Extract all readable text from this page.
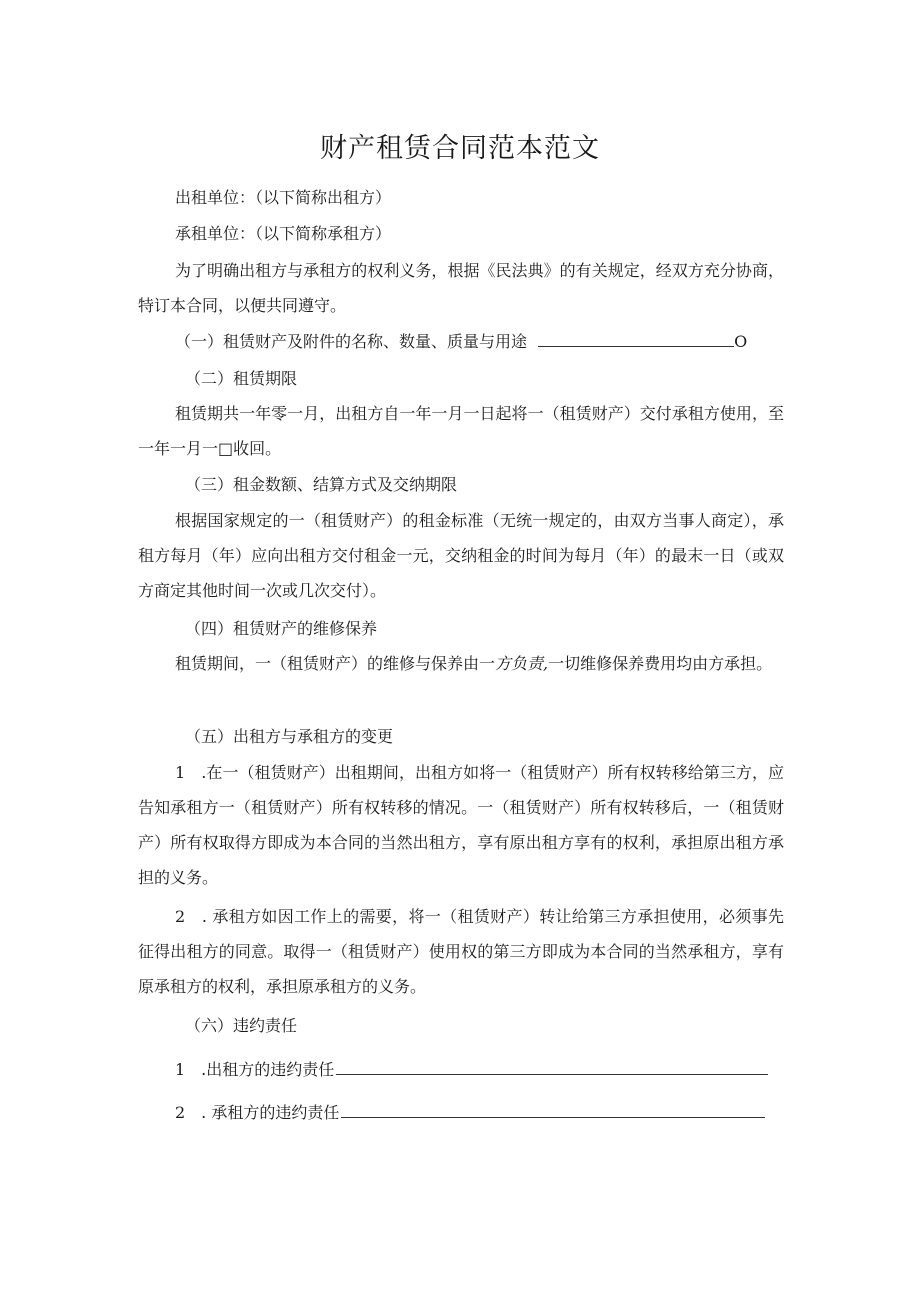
财产租赁合同范本范文

出租单位：（以下简称出租方）

承租单位：（以下简称承租方）

为了明确出租方与承租方的权利义务，根据《民法典》的有关规定，经双方充分协商，特订本合同，以便共同遵守。

（一）租赁财产及附件的名称、数量、质量与用途	O

（二）租赁期限

租赁期共一年零一月，出租方自一年一月一日起将一（租赁财产）交付承租方使用，至一年一月一□收回。

（三）租金数额、结算方式及交纳期限

根据国家规定的一（租赁财产）的租金标准（无统一规定的，由双方当事人商定），承租方每月（年）应向出租方交付租金一元，交纳租金的时间为每月（年）的最末一日（或双方商定其他时间一次或几次交付）。

（四）租赁财产的维修保养

租赁期间，一（租赁财产）的维修与保养由一方负责,一切维修保养费用均由方承担。

（五）出租方与承租方的变更

1　.在一（租赁财产）出租期间，出租方如将一（租赁财产）所有权转移给第三方，应告知承租方一（租赁财产）所有权转移的情况。一（租赁财产）所有权转移后，一（租赁财产）所有权取得方即成为本合同的当然出租方，享有原出租方享有的权利，承担原出租方承担的义务。

2　. 承租方如因工作上的需要，将一（租赁财产）转让给第三方承担使用，必须事先征得出租方的同意。取得一（租赁财产）使用权的第三方即成为本合同的当然承租方，享有原承租方的权利，承担原承租方的义务。

（六）违约责任

1　.出租方的违约责任

2　. 承租方的违约责任
